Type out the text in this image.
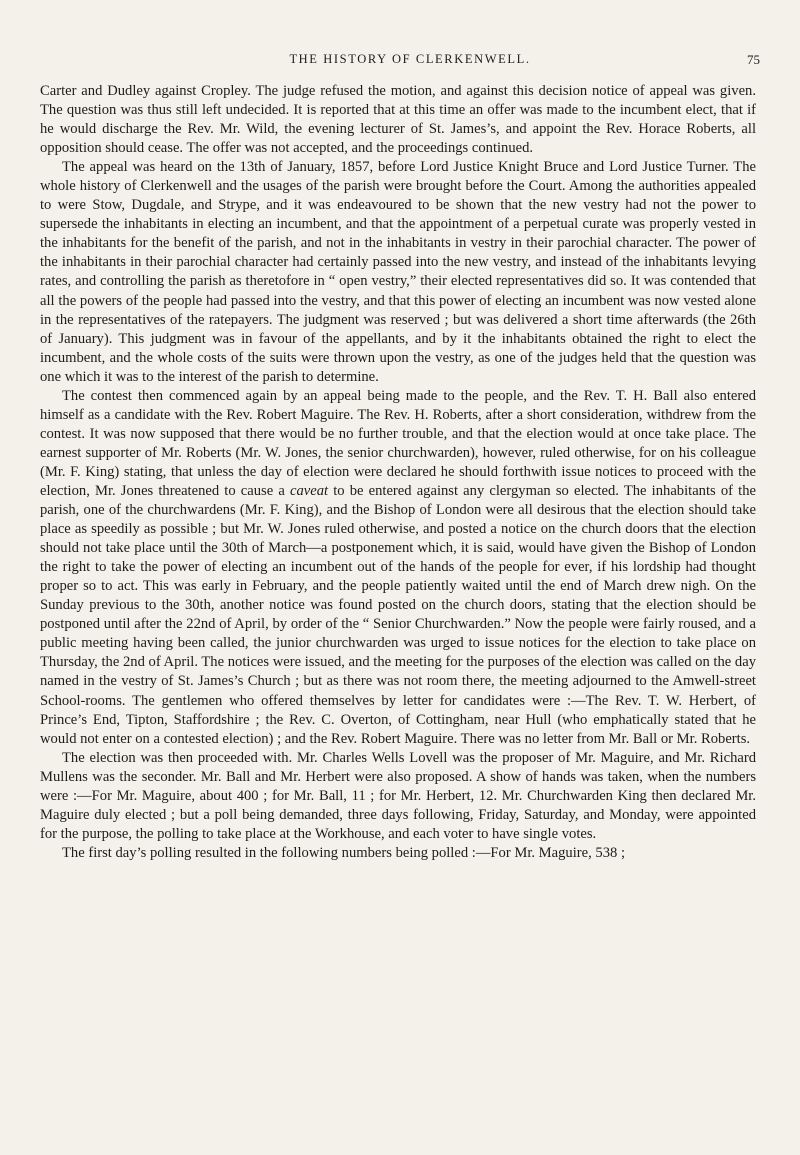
THE HISTORY OF CLERKENWELL.	75

Carter and Dudley against Cropley. The judge refused the motion, and against this decision notice of appeal was given. The question was thus still left undecided. It is reported that at this time an offer was made to the incumbent elect, that if he would discharge the Rev. Mr. Wild, the evening lecturer of St. James’s, and appoint the Rev. Horace Roberts, all opposition should cease. The offer was not accepted, and the proceedings continued.

The appeal was heard on the 13th of January, 1857, before Lord Justice Knight Bruce and Lord Justice Turner. The whole history of Clerkenwell and the usages of the parish were brought before the Court. Among the authorities appealed to were Stow, Dugdale, and Strype, and it was endeavoured to be shown that the new vestry had not the power to supersede the inhabitants in electing an incumbent, and that the appointment of a perpetual curate was properly vested in the inhabitants for the benefit of the parish, and not in the inhabitants in vestry in their parochial character. The power of the inhabitants in their parochial character had certainly passed into the new vestry, and instead of the inhabitants levying rates, and controlling the parish as theretofore in “ open vestry,” their elected representatives did so. It was contended that all the powers of the people had passed into the vestry, and that this power of electing an incumbent was now vested alone in the representatives of the ratepayers. The judgment was reserved ; but was delivered a short time afterwards (the 26th of January). This judgment was in favour of the appellants, and by it the inhabitants obtained the right to elect the incumbent, and the whole costs of the suits were thrown upon the vestry, as one of the judges held that the question was one which it was to the interest of the parish to determine.

The contest then commenced again by an appeal being made to the people, and the Rev. T. H. Ball also entered himself as a candidate with the Rev. Robert Maguire. The Rev. H. Roberts, after a short consideration, withdrew from the contest. It was now supposed that there would be no further trouble, and that the election would at once take place. The earnest supporter of Mr. Roberts (Mr. W. Jones, the senior churchwarden), however, ruled otherwise, for on his colleague (Mr. F. King) stating, that unless the day of election were declared he should forthwith issue notices to proceed with the election, Mr. Jones threatened to cause a caveat to be entered against any clergyman so elected. The inhabitants of the parish, one of the churchwardens (Mr. F. King), and the Bishop of London were all desirous that the election should take place as speedily as possible ; but Mr. W. Jones ruled otherwise, and posted a notice on the church doors that the election should not take place until the 30th of March—a postponement which, it is said, would have given the Bishop of London the right to take the power of electing an incumbent out of the hands of the people for ever, if his lordship had thought proper so to act. This was early in February, and the people patiently waited until the end of March drew nigh. On the Sunday previous to the 30th, another notice was found posted on the church doors, stating that the election should be postponed until after the 22nd of April, by order of the “ Senior Churchwarden.” Now the people were fairly roused, and a public meeting having been called, the junior churchwarden was urged to issue notices for the election to take place on Thursday, the 2nd of April. The notices were issued, and the meeting for the purposes of the election was called on the day named in the vestry of St. James’s Church ; but as there was not room there, the meeting adjourned to the Amwell-street School-rooms. The gentlemen who offered themselves by letter for candidates were :—The Rev. T. W. Herbert, of Prince’s End, Tipton, Staffordshire ; the Rev. C. Overton, of Cottingham, near Hull (who emphatically stated that he would not enter on a contested election) ; and the Rev. Robert Maguire. There was no letter from Mr. Ball or Mr. Roberts.

The election was then proceeded with. Mr. Charles Wells Lovell was the proposer of Mr. Maguire, and Mr. Richard Mullens was the seconder. Mr. Ball and Mr. Herbert were also proposed. A show of hands was taken, when the numbers were :—For Mr. Maguire, about 400 ; for Mr. Ball, 11 ; for Mr. Herbert, 12. Mr. Churchwarden King then declared Mr. Maguire duly elected ; but a poll being demanded, three days following, Friday, Saturday, and Monday, were appointed for the purpose, the polling to take place at the Workhouse, and each voter to have single votes.

The first day’s polling resulted in the following numbers being polled :—For Mr. Maguire, 538 ;
